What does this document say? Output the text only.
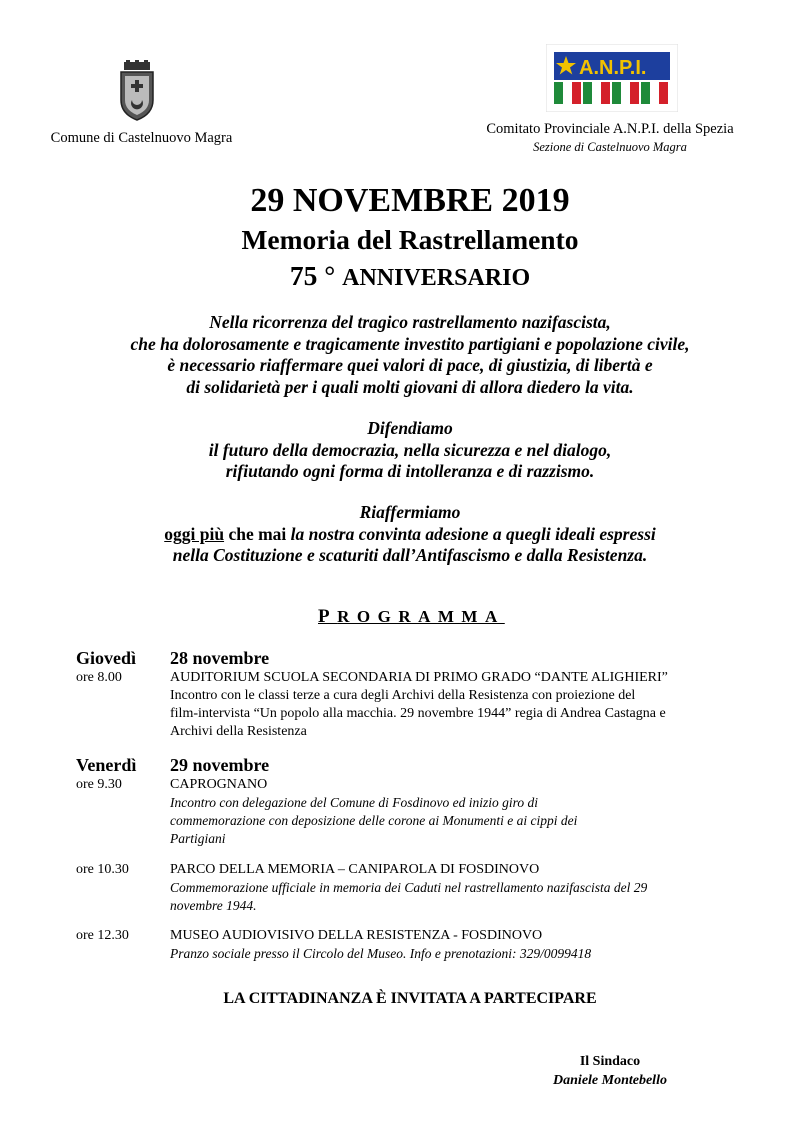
Comune di Castelnuovo Magra
A.N.P.I.
Comitato Provinciale A.N.P.I. della Spezia
Sezione di Castelnuovo Magra
29 NOVEMBRE 2019
Memoria del Rastrellamento
75 ° ANNIVERSARIO
Nella ricorrenza del tragico rastrellamento nazifascista,
che ha dolorosamente e tragicamente investito partigiani e popolazione civile,
è necessario riaffermare quei valori di pace, di giustizia, di libertà e
di solidarietà per i quali molti giovani di allora diedero la vita.
Difendiamo
il futuro della democrazia, nella sicurezza e nel dialogo,
rifiutando ogni forma di intolleranza e di razzismo.
Riaffermiamo
oggi più che mai la nostra convinta adesione a quegli ideali espressi
nella Costituzione e scaturiti dall’Antifascismo e dalla Resistenza.
PROGRAMMA
Giovedì 28 novembre
ore 8.00	AUDITORIUM SCUOLA SECONDARIA DI PRIMO GRADO “DANTE ALIGHIERI”
Incontro con le classi terze a cura degli Archivi della Resistenza con proiezione del
film-intervista “Un popolo alla macchia. 29 novembre 1944” regia di Andrea Castagna e
Archivi della Resistenza
Venerdì 29 novembre
ore 9.30	CAPROGNANO
Incontro con delegazione del Comune di Fosdinovo ed inizio giro di
commemorazione con deposizione delle corone ai Monumenti e ai cippi dei
Partigiani
ore 10.30	PARCO DELLA MEMORIA – CANIPAROLA DI FOSDINOVO
Commemorazione ufficiale in memoria dei Caduti nel rastrellamento nazifascista del 29
novembre 1944.
ore 12.30	MUSEO AUDIOVISIVO DELLA RESISTENZA - FOSDINOVO
Pranzo sociale presso il Circolo del Museo. Info e prenotazioni: 329/0099418
LA CITTADINANZA È INVITATA A PARTECIPARE
Il Sindaco
Daniele Montebello
